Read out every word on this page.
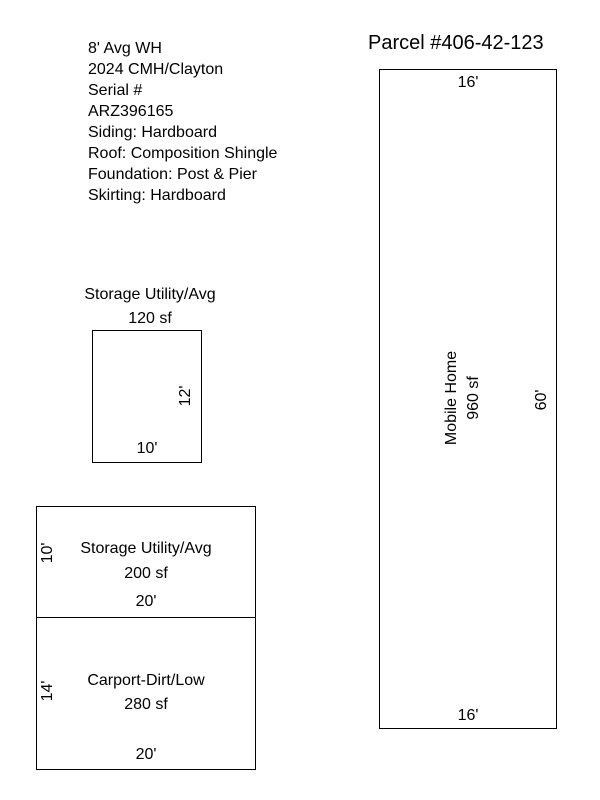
Parcel #406-42-123
8' Avg WH
2024 CMH/Clayton
Serial #
ARZ396165
Siding: Hardboard
Roof: Composition Shingle
Foundation: Post & Pier
Skirting: Hardboard
Storage Utility/Avg
120 sf
10'
12'
Storage Utility/Avg
200 sf
20'
10'
Carport-Dirt/Low
280 sf
20'
14'
16'
16'
Mobile Home 960 sf	60'
